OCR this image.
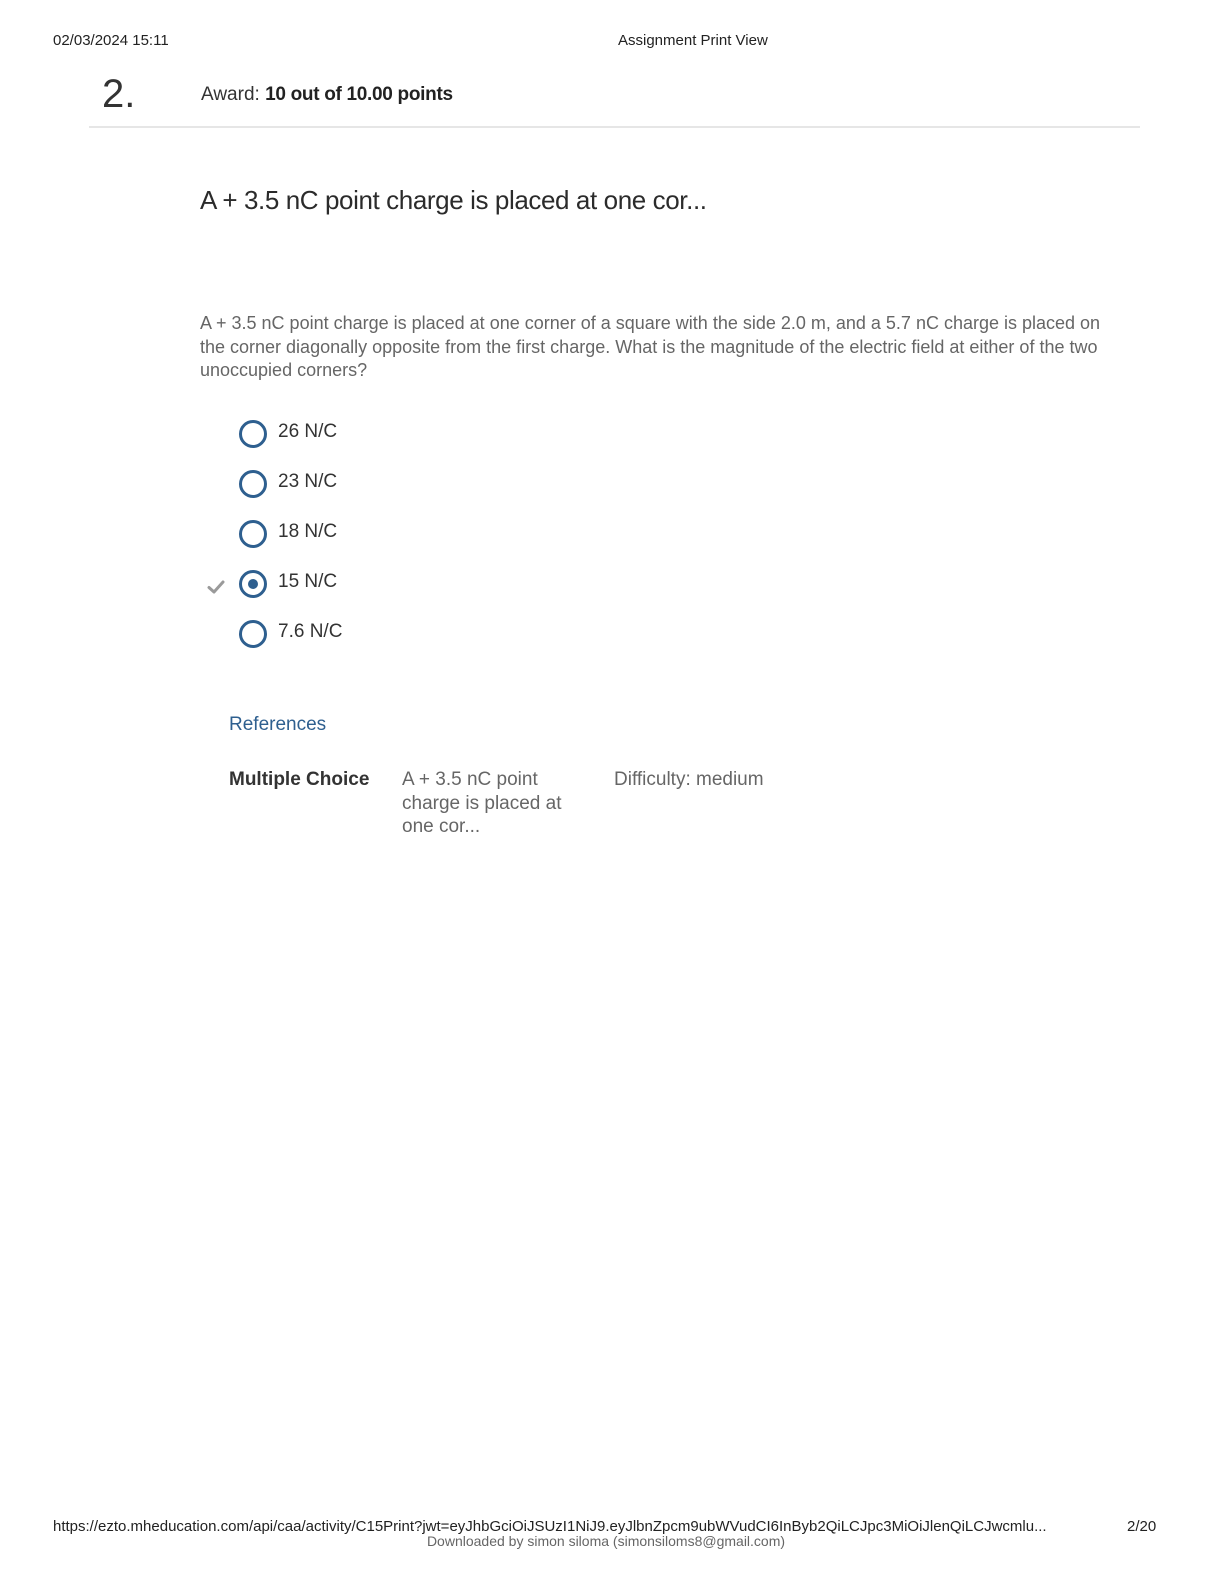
02/03/2024 15:11	Assignment Print View
2.	Award: 10 out of 10.00 points
A + 3.5 nC point charge is placed at one cor...
A + 3.5 nC point charge is placed at one corner of a square with the side 2.0 m, and a 5.7 nC charge is placed on the corner diagonally opposite from the first charge. What is the magnitude of the electric field at either of the two unoccupied corners?
26 N/C
23 N/C
18 N/C
15 N/C
7.6 N/C
References
Multiple Choice A + 3.5 nC point charge is placed at one cor...
Difficulty: medium
https://ezto.mheducation.com/api/caa/activity/C15Print?jwt=eyJhbGciOiJSUzI1NiJ9.eyJlbnZpcm9ubWVudCI6InByb2QiLCJpc3MiOiJlenQiLCJwcmlu...	2/20
Downloaded by simon siloma (simonsiloms8@gmail.com)
